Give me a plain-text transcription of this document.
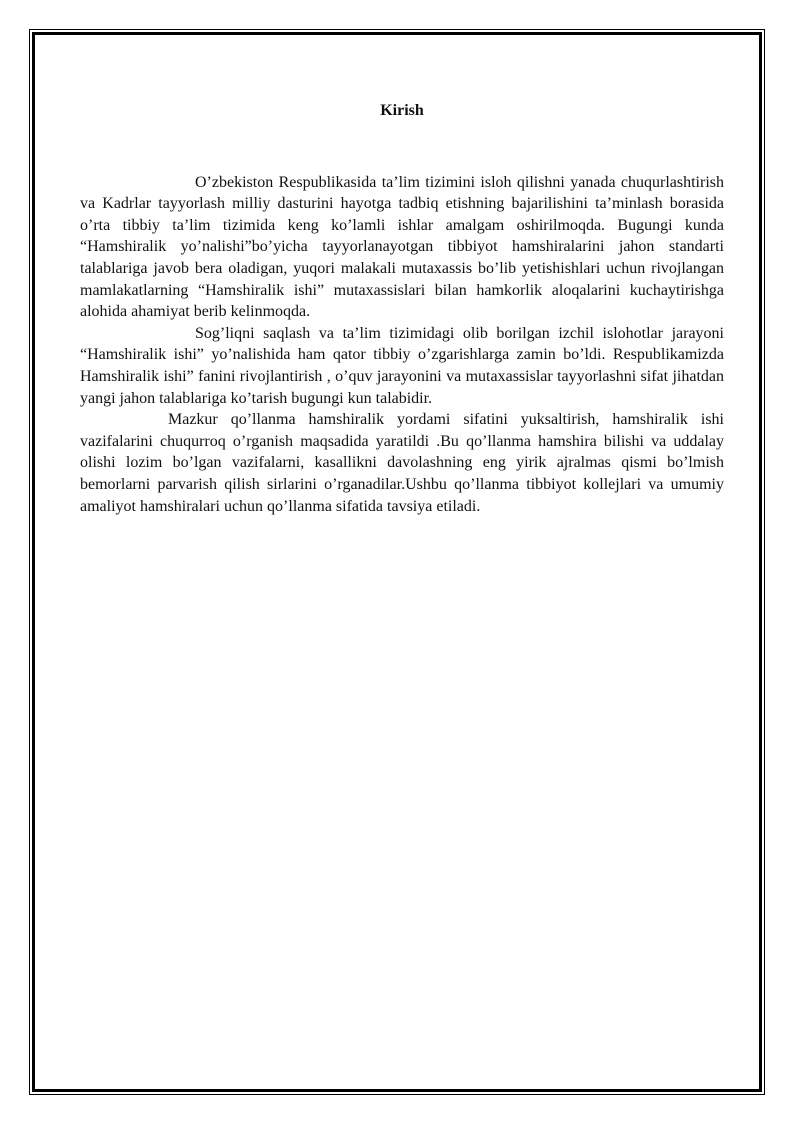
Kirish

O’zbekiston Respublikasida ta’lim tizimini isloh qilishni yanada chuqurlashtirish va Kadrlar tayyorlash milliy dasturini hayotga tadbiq etishning bajarilishini ta’minlash borasida o’rta tibbiy ta’lim tizimida keng ko’lamli ishlar amalgam oshirilmoqda. Bugungi kunda “Hamshiralik yo’nalishi”bo’yicha tayyorlanayotgan tibbiyot hamshiralarini jahon standarti talablariga javob bera oladigan, yuqori malakali mutaxassis bo’lib yetishishlari uchun rivojlangan mamlakatlarning “Hamshiralik ishi” mutaxassislari bilan hamkorlik aloqalarini kuchaytirishga alohida ahamiyat berib kelinmoqda.

Sog’liqni saqlash va ta’lim tizimidagi olib borilgan izchil islohotlar jarayoni “Hamshiralik ishi” yo’nalishida ham qator tibbiy o’zgarishlarga zamin bo’ldi. Respublikamizda Hamshiralik ishi” fanini rivojlantirish , o’quv jarayonini va mutaxassislar tayyorlashni sifat jihatdan yangi jahon talablariga ko’tarish bugungi kun talabidir.

Mazkur qo’llanma hamshiralik yordami sifatini yuksaltirish, hamshiralik ishi vazifalarini chuqurroq o’rganish maqsadida yaratildi .Bu qo’llanma hamshira bilishi va uddalay olishi lozim bo’lgan vazifalarni, kasallikni davolashning eng yirik ajralmas qismi bo’lmish bemorlarni parvarish qilish sirlarini o’rganadilar.Ushbu qo’llanma tibbiyot kollejlari va umumiy amaliyot hamshiralari uchun qo’llanma sifatida tavsiya etiladi.
